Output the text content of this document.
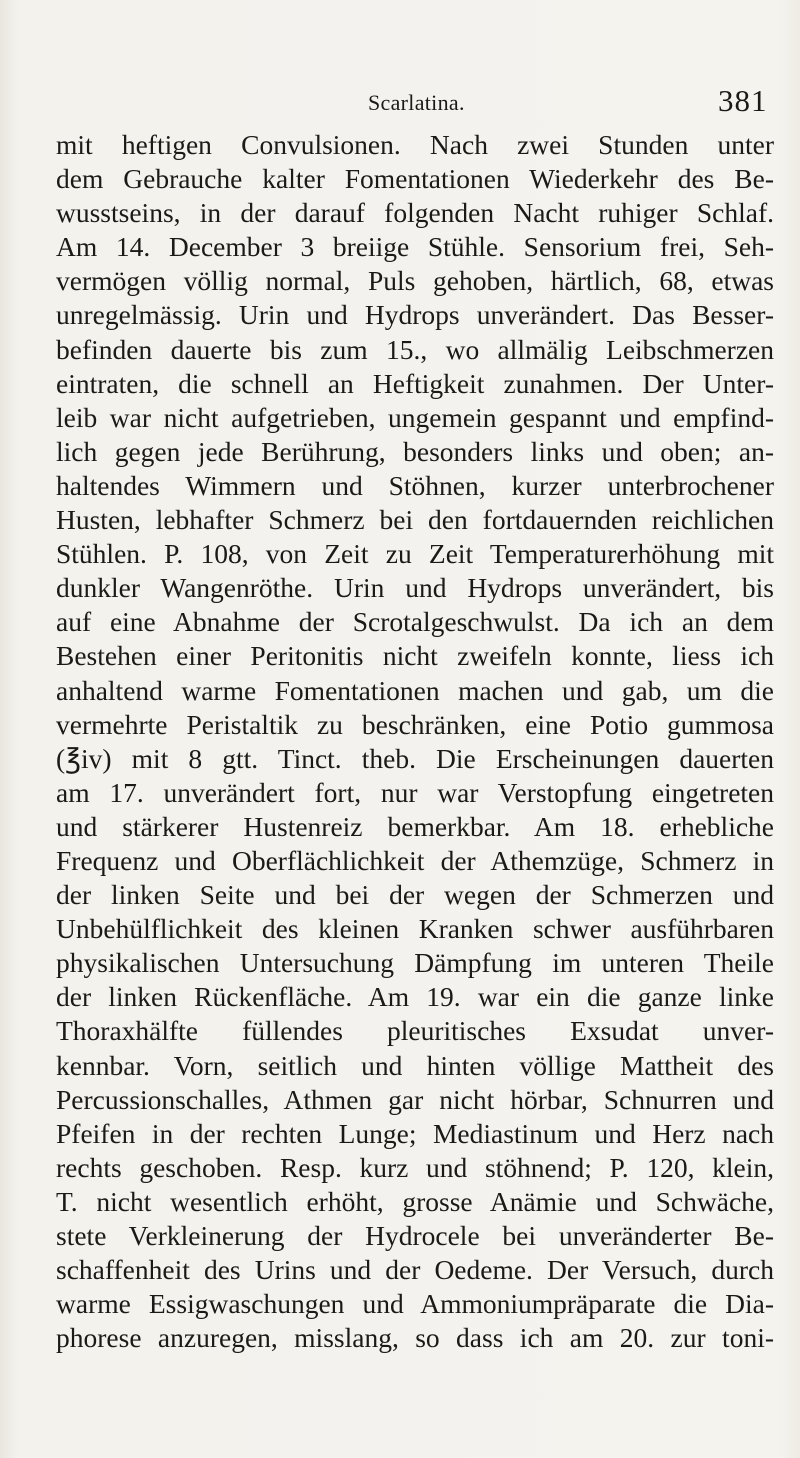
Scarlatina.	381
mit heftigen Convulsionen. Nach zwei Stunden unter
dem Gebrauche kalter Fomentationen Wiederkehr des Be-
wusstseins, in der darauf folgenden Nacht ruhiger Schlaf.
Am 14. December 3 breiige Stühle. Sensorium frei, Seh-
vermögen völlig normal, Puls gehoben, härtlich, 68, etwas
unregelmässig. Urin und Hydrops unverändert. Das Besser-
befinden dauerte bis zum 15., wo allmälig Leibschmerzen
eintraten, die schnell an Heftigkeit zunahmen. Der Unter-
leib war nicht aufgetrieben, ungemein gespannt und empfind-
lich gegen jede Berührung, besonders links und oben; an-
haltendes Wimmern und Stöhnen, kurzer unterbrochener
Husten, lebhafter Schmerz bei den fortdauernden reichlichen
Stühlen. P. 108, von Zeit zu Zeit Temperaturerhöhung mit
dunkler Wangenröthe. Urin und Hydrops unverändert, bis
auf eine Abnahme der Scrotalgeschwulst. Da ich an dem
Bestehen einer Peritonitis nicht zweifeln konnte, liess ich
anhaltend warme Fomentationen machen und gab, um die
vermehrte Peristaltik zu beschränken, eine Potio gummosa
(℥iv) mit 8 gtt. Tinct. theb. Die Erscheinungen dauerten
am 17. unverändert fort, nur war Verstopfung eingetreten
und stärkerer Hustenreiz bemerkbar. Am 18. erhebliche
Frequenz und Oberflächlichkeit der Athemzüge, Schmerz in
der linken Seite und bei der wegen der Schmerzen und
Unbehülflichkeit des kleinen Kranken schwer ausführbaren
physikalischen Untersuchung Dämpfung im unteren Theile
der linken Rückenfläche. Am 19. war ein die ganze linke
Thoraxhälfte füllendes pleuritisches Exsudat unver-
kennbar. Vorn, seitlich und hinten völlige Mattheit des
Percussionschalles, Athmen gar nicht hörbar, Schnurren und
Pfeifen in der rechten Lunge; Mediastinum und Herz nach
rechts geschoben. Resp. kurz und stöhnend; P. 120, klein,
T. nicht wesentlich erhöht, grosse Anämie und Schwäche,
stete Verkleinerung der Hydrocele bei unveränderter Be-
schaffenheit des Urins und der Oedeme. Der Versuch, durch
warme Essigwaschungen und Ammoniumpräparate die Dia-
phorese anzuregen, misslang, so dass ich am 20. zur toni-
